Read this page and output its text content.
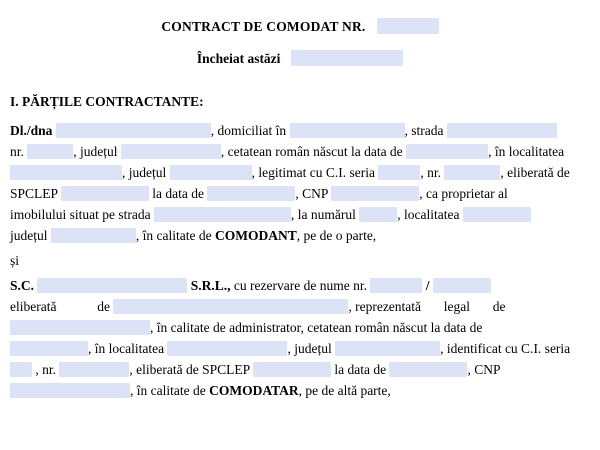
CONTRACT DE COMODAT NR.
Încheiat astăzi
I. PĂRȚILE CONTRACTANTE:
Dl./dna	, domiciliat în	, strada
nr.	, județul	, cetatean român născut la data de	, în localitatea
, județul	, legitimat cu C.I. seria	, nr.	, eliberată de
SPCLEP	la data de	, CNP	, ca proprietar al
imobilului situat pe strada	, la numărul	, localitatea
județul	, în calitate de COMODANT, pe de o parte,
și
S.C.	S.R.L., cu rezervare de nume nr.	/
eliberată	de	, reprezentată legal de
, în calitate de administrator, cetatean român născut la data de
, în localitatea	, județul	, identificat cu C.I. seria
, nr.	, eliberată de SPCLEP	la data de	, CNP
, în calitate de COMODATAR, pe de altă parte,
